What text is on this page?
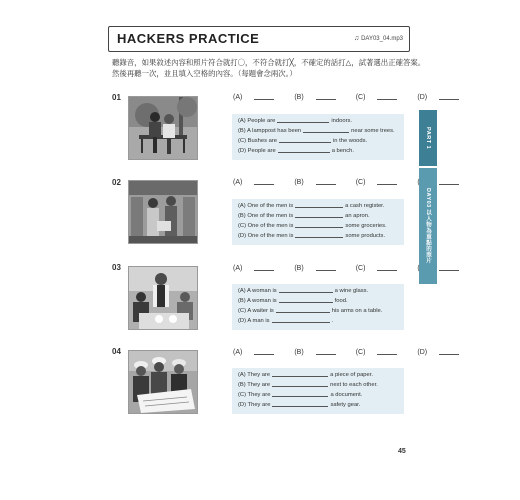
HACKERS PRACTICE	♫ DAY03_04.mp3
聽錄音，如果敘述內容和照片符合就打〇，不符合就打╳，不確定的話打△，試著選出正確答案。
然後再聽一次，並且填入空格的內容。（每題會念兩次。）
01	(A)	(B)	(C)	(D)
(A) People are	indoors.
(B) A lamppost has been	near some trees.
(C) Bushes are	in the woods.
(D) People are	a bench.
02	(A)	(B)	(C)
(A) One of the men is	a cash register.
(B) One of the men is	an apron.
(C) One of the men is	some groceries.
(D) One of the men is	some products.
03	(A)	(B)	(C)
(A) A woman is	a wine glass.
(B) A woman is	food.
(C) A waiter is	his arms on a table.
(D) A man is	.
04	(A)	(B)	(C)	(D)
(A) They are	a piece of paper.
(B) They are	next to each other.
(C) They are	a document.
(D) They are	safety gear.
PART 1
DAY03 以人物為重點的照片
45
